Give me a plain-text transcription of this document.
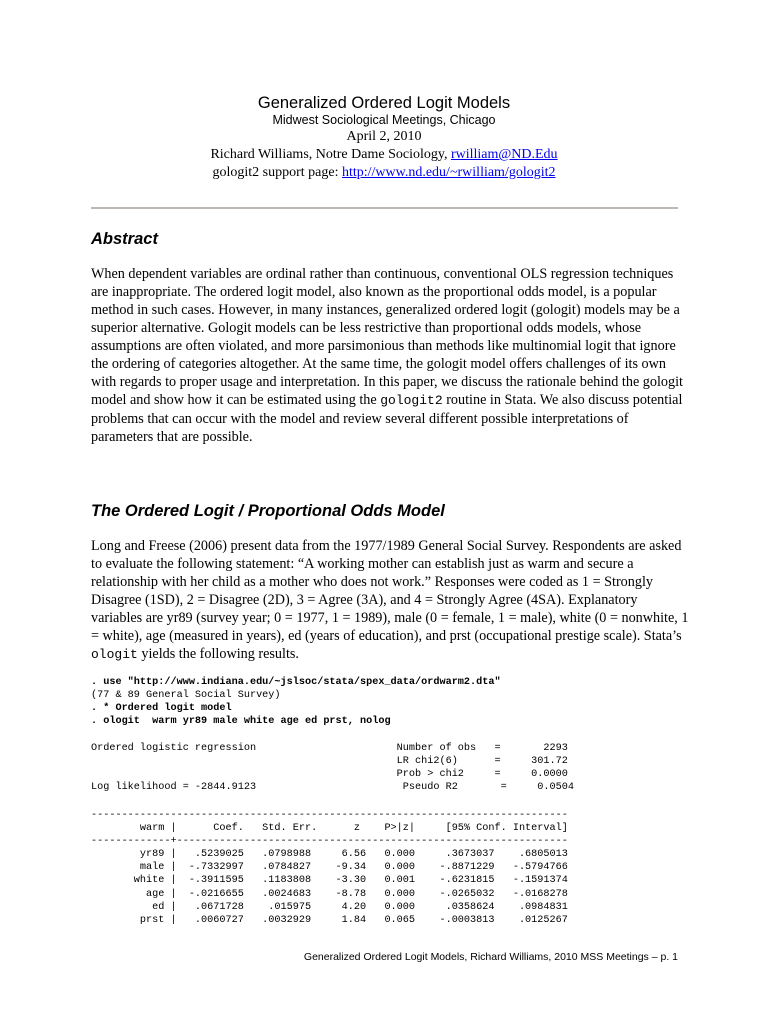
Generalized Ordered Logit Models
Midwest Sociological Meetings, Chicago
April 2, 2010
Richard Williams, Notre Dame Sociology, rwilliam@ND.Edu
gologit2 support page: http://www.nd.edu/~rwilliam/gologit2
Abstract

When dependent variables are ordinal rather than continuous, conventional OLS regression techniques are inappropriate. The ordered logit model, also known as the proportional odds model, is a popular method in such cases. However, in many instances, generalized ordered logit (gologit) models may be a superior alternative. Gologit models can be less restrictive than proportional odds models, whose assumptions are often violated, and more parsimonious than methods like multinomial logit that ignore the ordering of categories altogether. At the same time, the gologit model offers challenges of its own with regards to proper usage and interpretation. In this paper, we discuss the rationale behind the gologit model and show how it can be estimated using the gologit2 routine in Stata. We also discuss potential problems that can occur with the model and review several different possible interpretations of parameters that are possible.

The Ordered Logit / Proportional Odds Model

Long and Freese (2006) present data from the 1977/1989 General Social Survey. Respondents are asked to evaluate the following statement: “A working mother can establish just as warm and secure a relationship with her child as a mother who does not work.” Responses were coded as 1 = Strongly Disagree (1SD), 2 = Disagree (2D), 3 = Agree (3A), and 4 = Strongly Agree (4SA). Explanatory variables are yr89 (survey year; 0 = 1977, 1 = 1989), male (0 = female, 1 = male), white (0 = nonwhite, 1 = white), age (measured in years), ed (years of education), and prst (occupational prestige scale). Stata’s ologit yields the following results.

. use "http://www.indiana.edu/~jslsoc/stata/spex_data/ordwarm2.dta"
(77 & 89 General Social Survey)
. * Ordered logit model
. ologit  warm yr89 male white age ed prst, nolog
Ordered logistic regression                       Number of obs   =       2293
LR chi2(6)      =     301.72
Prob > chi2     =     0.0000
Log likelihood = -2844.9123                        Pseudo R2       =     0.0504
------------------------------------------------------------------------------
warm |      Coef.   Std. Err.      z    P>|z|     [95% Conf. Interval]
-------------+----------------------------------------------------------------
yr89 |   .5239025   .0798988     6.56   0.000     .3673037    .6805013
male |  -.7332997   .0784827    -9.34   0.000    -.8871229   -.5794766
white |  -.3911595   .1183808    -3.30   0.001    -.6231815   -.1591374
age |  -.0216655   .0024683    -8.78   0.000    -.0265032   -.0168278
ed |   .0671728    .015975     4.20   0.000     .0358624    .0984831
prst |   .0060727   .0032929     1.84   0.065    -.0003813    .0125267
Generalized Ordered Logit Models, Richard Williams, 2010 MSS Meetings – p. 1
